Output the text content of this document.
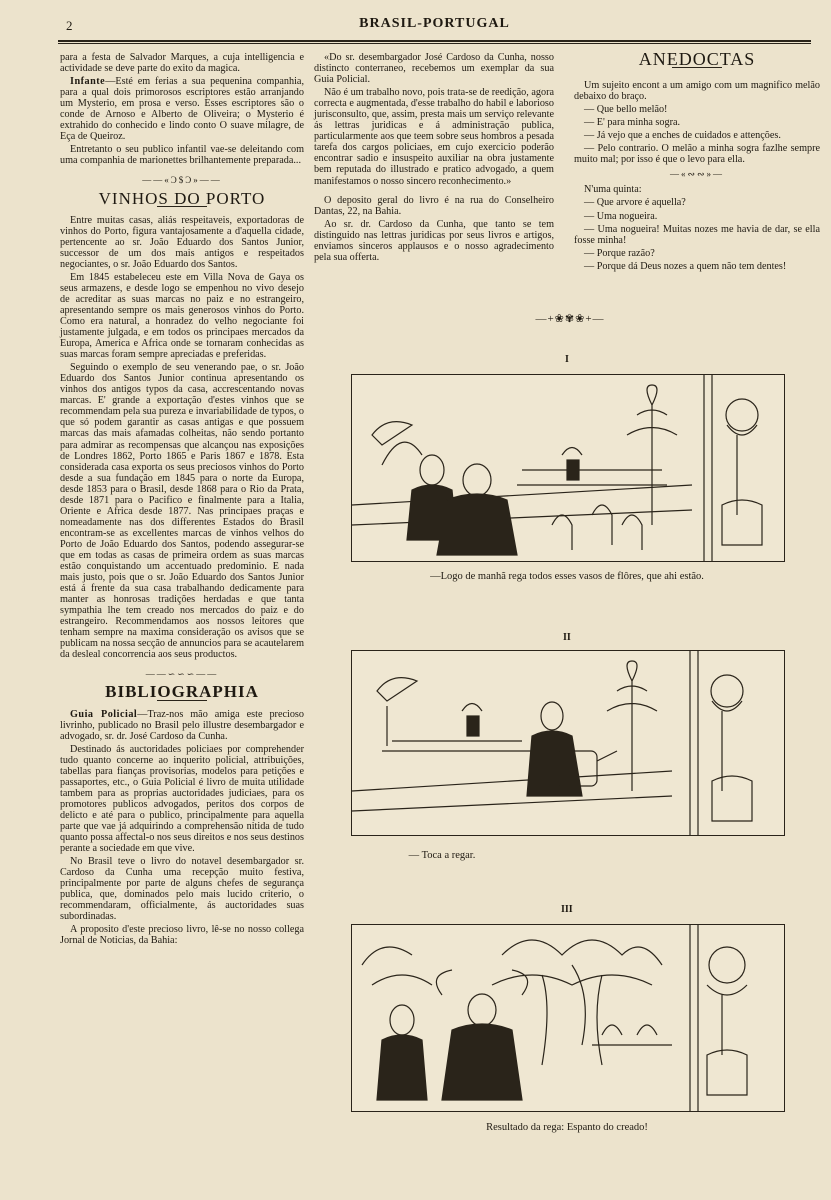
2	BRASIL-PORTUGAL

para a festa de Salvador Marques, a cuja intelligencia e actividade se deve parte do exito da magica.

Infante—Esté em ferias a sua pequenina companhia, para a qual dois primorosos escriptores estão arranjando um Mysterio, em prosa e verso. Esses escriptores são o conde de Arnoso e Alberto de Oliveira; o Mysterio é extrahido do conhecido e lindo conto O suave milagre, de Eça de Queiroz.

Entretanto o seu publico infantil vae-se deleitando com uma companhia de marionettes brilhantemente preparada...

——«Ɔ$Ɔ»——
VINHOS DO PORTO

Entre muitas casas, aliás respeitaveis, exportadoras de vinhos do Porto, figura vantajosamente a d'aquella cidade, pertencente ao sr. João Eduardo dos Santos Junior, successor de um dos mais antigos e respeitados negociantes, o sr. João Eduardo dos Santos.

Em 1845 estabeleceu este em Villa Nova de Gaya os seus armazens, e desde logo se empenhou no vivo desejo de acreditar as suas marcas no paiz e no estrangeiro, apresentando sempre os mais generosos vinhos do Porto. Como era natural, a honradez do velho negociante foi justamente julgada, e em todos os principaes mercados da Europa, America e Africa onde se tornaram conhecidas as suas marcas foram sempre apreciadas e preferidas.

Seguindo o exemplo de seu venerando pae, o sr. João Eduardo dos Santos Junior continua apresentando os vinhos dos antigos typos da casa, accrescentando novas marcas. E' grande a exportação d'estes vinhos que se recommendam pela sua pureza e invariabilidade de typos, o que só podem garantir as casas antigas e que possuem marcas das mais afamadas colheitas, não sendo portanto para admirar as recompensas que alcançou nas exposições de Londres 1862, Porto 1865 e Paris 1867 e 1878. Esta considerada casa exporta os seus preciosos vinhos do Porto desde a sua fundação em 1845 para o norte da Europa, desde 1853 para o Brasil, desde 1868 para o Rio da Prata, desde 1871 para o Pacifico e finalmente para a Italia, Oriente e Africa desde 1877. Nas principaes praças e nomeadamente nas dos differentes Estados do Brasil encontram-se as excellentes marcas de vinhos velhos do Porto de João Eduardo dos Santos, podendo assegurar-se que em todas as casas de primeira ordem as suas marcas estão conquistando um accentuado predominio. E nada mais justo, pois que o sr. João Eduardo dos Santos Junior está á frente da sua casa trabalhando dedicamente para manter as honrosas tradições herdadas e que tanta sympathia lhe tem creado nos mercados do paiz e do estrangeiro. Recommendamos aos nossos leitores que tenham sempre na maxima consideração os avisos que se publicam na nossa secção de annuncios para se acautelarem da desleal concorrencia aos seus productos.

——∽∽∽——
BIBLIOGRAPHIA

Guia Policial—Traz-nos mão amiga este precioso livrinho, publicado no Brasil pelo illustre desembargador e advogado, sr. dr. José Cardoso da Cunha.

Destinado ás auctoridades policiaes por comprehender tudo quanto concerne ao inquerito policial, attribuições, tabellas para fianças provisorias, modelos para petições e passaportes, etc., o Guia Policial é livro de muita utilidade tambem para as proprias auctoridades judiciaes, para os promotores publicos advogados, peritos dos corpos de delicto e até para o publico, principalmente para aquella parte que vae já adquirindo a comprehensão nitida de tudo quanto possa affectal-o nos seus direitos e nos seus destinos perante a sociedade em que vive.

No Brasil teve o livro do notavel desembargador sr. Cardoso da Cunha uma recepção muito festiva, principalmente por parte de alguns chefes de segurança publica, que, dominados pelo mais lucido criterio, o recommendaram, officialmente, ás auctoridades suas subordinadas.

A proposito d'este precioso livro, lê-se no nosso collega Jornal de Noticias, da Bahia:

«Do sr. desembargador José Cardoso da Cunha, nosso distincto conterraneo, recebemos um exemplar da sua Guia Policial.

Não é um trabalho novo, pois trata-se de reedição, agora correcta e augmentada, d'esse trabalho do habil e laborioso jurisconsulto, que, assim, presta mais um serviço relevante ás lettras juridicas e á administração publica, particularmente aos que teem sobre seus hombros a pesada tarefa dos cargos policiaes, em cujo exercicio poderão encontrar sadio e insuspeito auxiliar na obra justamente bem reputada do illustrado e pratico advogado, a quem manifestamos o nosso sincero reconhecimento.»

O deposito geral do livro é na rua do Conselheiro Dantas, 22, na Bahia.

Ao sr. dr. Cardoso da Cunha, que tanto se tem distinguido nas lettras juridicas por seus livros e artigos, enviamos sinceros applausos e o nosso agradecimento pela sua offerta.

ANEDOCTAS

Um sujeito encont a um amigo com um magnifico melão debaixo do braço.

— Que bello melão!

— E' para minha sogra.

— Já vejo que a enches de cuidados e attenções.

— Pelo contrario. O melão a minha sogra fazlhe sempre muito mal; por isso é que o levo para ella.

—«∾∾»—

N'uma quinta:

— Que arvore é aquella?

— Uma nogueira.

— Uma nogueira! Muitas nozes me havia de dar, se ella fosse minha!

— Porque razão?

— Porque dá Deus nozes a quem não tem dentes!

—+❀✾❀+—
I
—Logo de manhã rega todos esses vasos de flôres, que ahi estão.
II
— Toca a regar.
III
Resultado da rega: Espanto do creado!
